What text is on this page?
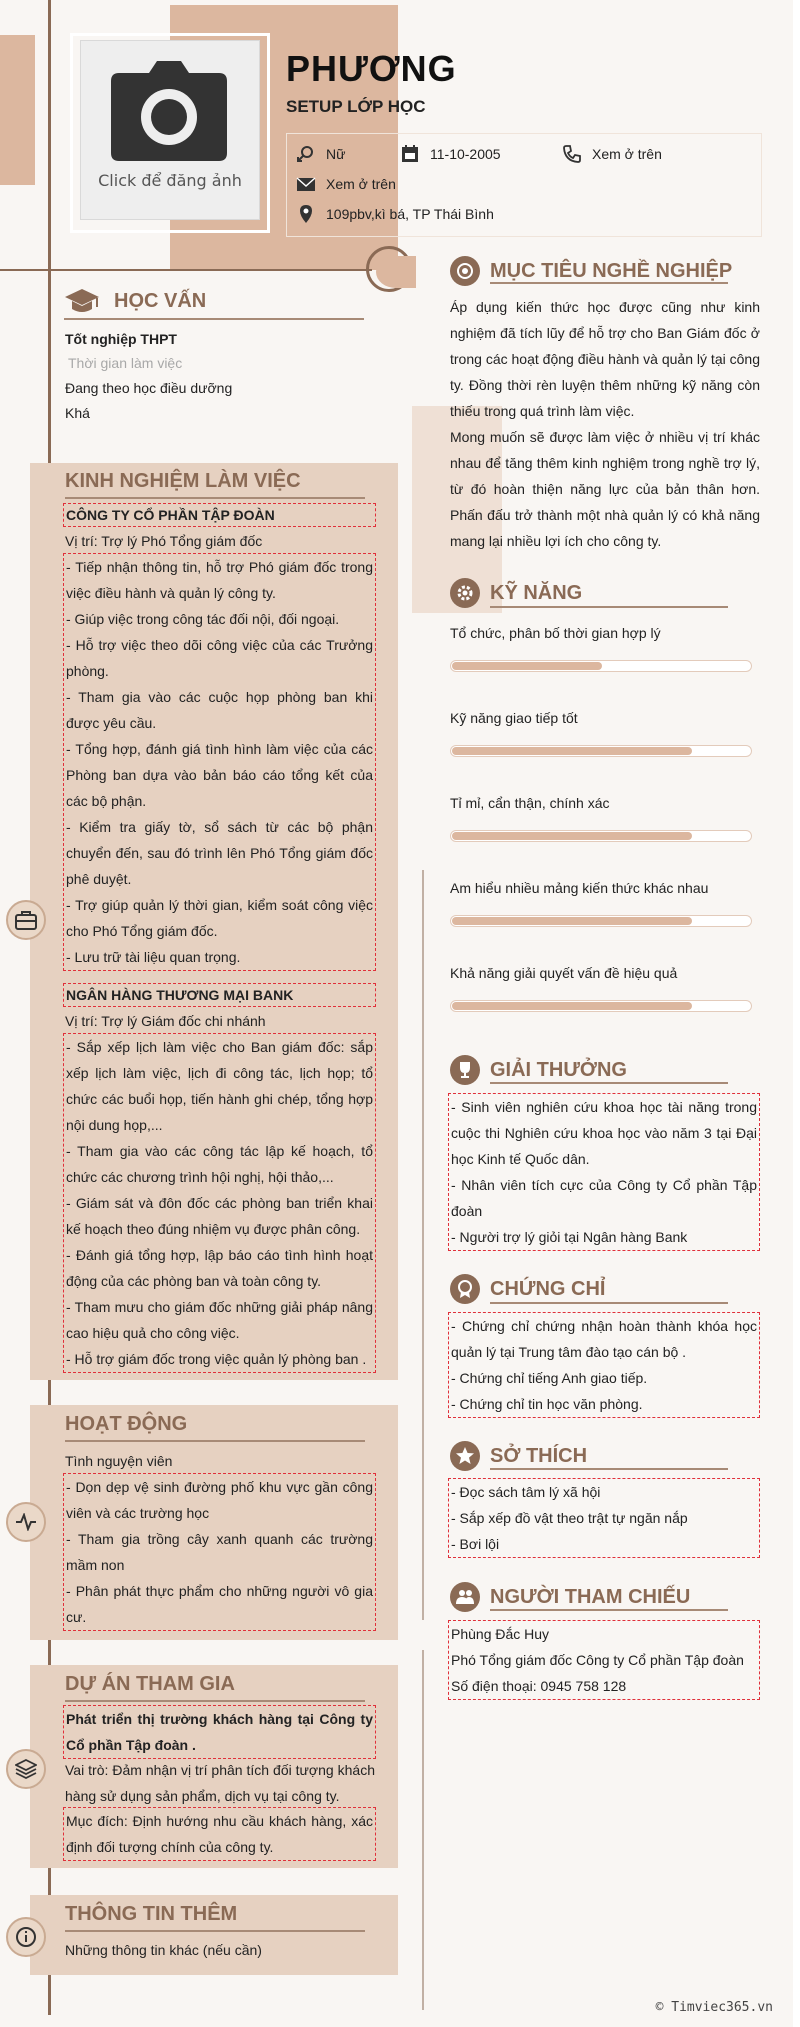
Click để đăng ảnh
PHƯƠNG
SETUP LỚP HỌC
Nữ	11-10-2005	Xem ở trên
Xem ở trên
109pbv,kì bá, TP Thái Bình
HỌC VẤN
Tốt nghiệp THPT
Thời gian làm việc
Đang theo học điều dưỡng
Khá
KINH NGHIỆM LÀM VIỆC
CÔNG TY CỔ PHẦN TẬP ĐOÀN
Vị trí: Trợ lý Phó Tổng giám đốc
- Tiếp nhận thông tin, hỗ trợ Phó giám đốc trong việc điều hành và quản lý công ty.
- Giúp việc trong công tác đối nội, đối ngoại.
- Hỗ trợ việc theo dõi công việc của các Trưởng phòng.
- Tham gia vào các cuộc họp phòng ban khi được yêu cầu.
- Tổng hợp, đánh giá tình hình làm việc của các Phòng ban dựa vào bản báo cáo tổng kết của các bộ phận.
- Kiểm tra giấy tờ, sổ sách từ các bộ phận chuyển đến, sau đó trình lên Phó Tổng giám đốc phê duyệt.
- Trợ giúp quản lý thời gian, kiểm soát công việc cho Phó Tổng giám đốc.
- Lưu trữ tài liệu quan trọng.
NGÂN HÀNG THƯƠNG MẠI BANK
Vị trí: Trợ lý Giám đốc chi nhánh
- Sắp xếp lịch làm việc cho Ban giám đốc: sắp xếp lịch làm việc, lịch đi công tác, lịch họp; tổ chức các buổi họp, tiến hành ghi chép, tổng hợp nội dung họp,...
- Tham gia vào các công tác lập kế hoạch, tổ chức các chương trình hội nghị, hội thảo,...
- Giám sát và đôn đốc các phòng ban triển khai kế hoạch theo đúng nhiệm vụ được phân công.
- Đánh giá tổng hợp, lập báo cáo tình hình hoạt động của các phòng ban và toàn công ty.
- Tham mưu cho giám đốc những giải pháp nâng cao hiệu quả cho công việc.
- Hỗ trợ giám đốc trong việc quản lý phòng ban .
HOẠT ĐỘNG
Tình nguyện viên
- Dọn dẹp vệ sinh đường phố khu vực gần công viên và các trường học
- Tham gia trồng cây xanh quanh các trường mầm non
- Phân phát thực phẩm cho những người vô gia cư.
DỰ ÁN THAM GIA
Phát triển thị trường khách hàng tại Công ty Cổ phần Tập đoàn .
Vai trò: Đảm nhận vị trí phân tích đối tượng khách hàng sử dụng sản phẩm, dịch vụ tại công ty.
Mục đích: Định hướng nhu cầu khách hàng, xác định đối tượng chính của công ty.
THÔNG TIN THÊM
Những thông tin khác (nếu cần)
MỤC TIÊU NGHỀ NGHIỆP
Áp dụng kiến thức học được cũng như kinh nghiệm đã tích lũy để hỗ trợ cho Ban Giám đốc ở trong các hoạt động điều hành và quản lý tại công ty. Đồng thời rèn luyện thêm những kỹ năng còn thiếu trong quá trình làm việc.
Mong muốn sẽ được làm việc ở nhiều vị trí khác nhau để tăng thêm kinh nghiệm trong nghề trợ lý, từ đó hoàn thiện năng lực của bản thân hơn. Phấn đấu trở thành một nhà quản lý có khả năng mang lại nhiều lợi ích cho công ty.
KỸ NĂNG
Tổ chức, phân bố thời gian hợp lý
Kỹ năng giao tiếp tốt
Tỉ mỉ, cẩn thận, chính xác
Am hiểu nhiều mảng kiến thức khác nhau
Khả năng giải quyết vấn đề hiệu quả
GIẢI THƯỞNG
- Sinh viên nghiên cứu khoa học tài năng trong cuộc thi Nghiên cứu khoa học vào năm 3 tại Đại học Kinh tế Quốc dân.
- Nhân viên tích cực của Công ty Cổ phần Tập đoàn
- Người trợ lý giỏi tại Ngân hàng Bank
CHỨNG CHỈ
- Chứng chỉ chứng nhận hoàn thành khóa học quản lý tại Trung tâm đào tạo cán bộ .
- Chứng chỉ tiếng Anh giao tiếp.
- Chứng chỉ tin học văn phòng.
SỞ THÍCH
- Đọc sách tâm lý xã hội
- Sắp xếp đồ vật theo trật tự ngăn nắp
- Bơi lội
NGƯỜI THAM CHIẾU
Phùng Đắc Huy
Phó Tổng giám đốc Công ty Cổ phần Tập đoàn
Số điện thoại: 0945 758 128
© Timviec365.vn
